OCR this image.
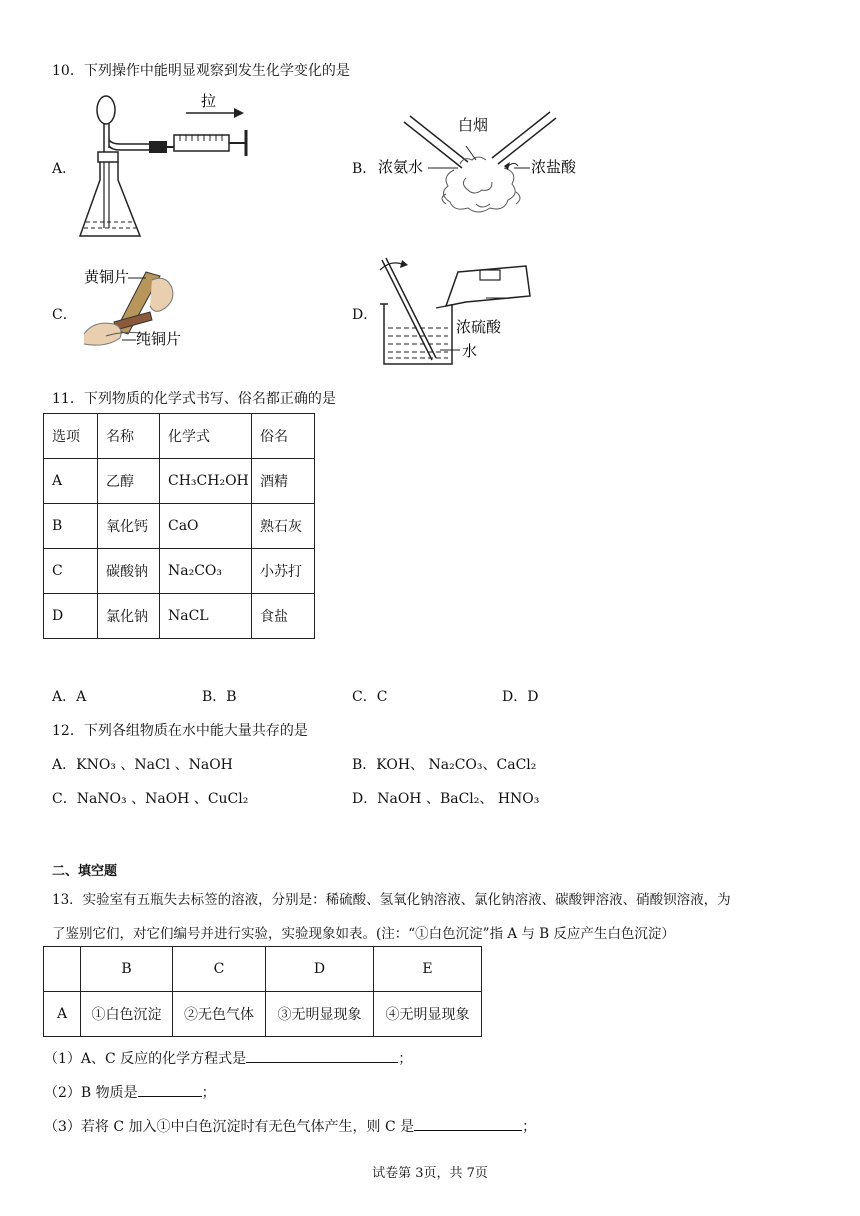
10．下列操作中能明显观察到发生化学变化的是
A．
拉
B．
白烟
浓氨水	浓盐酸
C．
黄铜片
纯铜片
D．
浓硫酸
水
11．下列物质的化学式书写、俗名都正确的是
选项	名称	化学式	俗名
A	乙醇	CH₃CH₂OH	酒精
B	氧化钙	CaO	熟石灰
C	碳酸钠	Na₂CO₃	小苏打
D	氯化钠	NaCL	食盐
A．A	B．B	C．C	D．D
12．下列各组物质在水中能大量共存的是
A．KNO₃ 、NaCl 、NaOH	B．KOH、 Na₂CO₃、CaCl₂
C．NaNO₃ 、NaOH 、CuCl₂	D．NaOH 、BaCl₂、 HNO₃
二、填空题
13．实验室有五瓶失去标签的溶液，分别是：稀硫酸、氢氧化钠溶液、氯化钠溶液、碳酸钾溶液、硝酸钡溶液，为
了鉴别它们，对它们编号并进行实验，实验现象如表。(注：“①白色沉淀”指 A 与 B 反应产生白色沉淀）
	B	C	D	E
A	①白色沉淀	②无色气体	③无明显现象	④无明显现象
（1）A、C 反应的化学方程式是	；
（2）B 物质是	；
（3）若将 C 加入①中白色沉淀时有无色气体产生，则 C 是	；
试卷第 3页，共 7页
